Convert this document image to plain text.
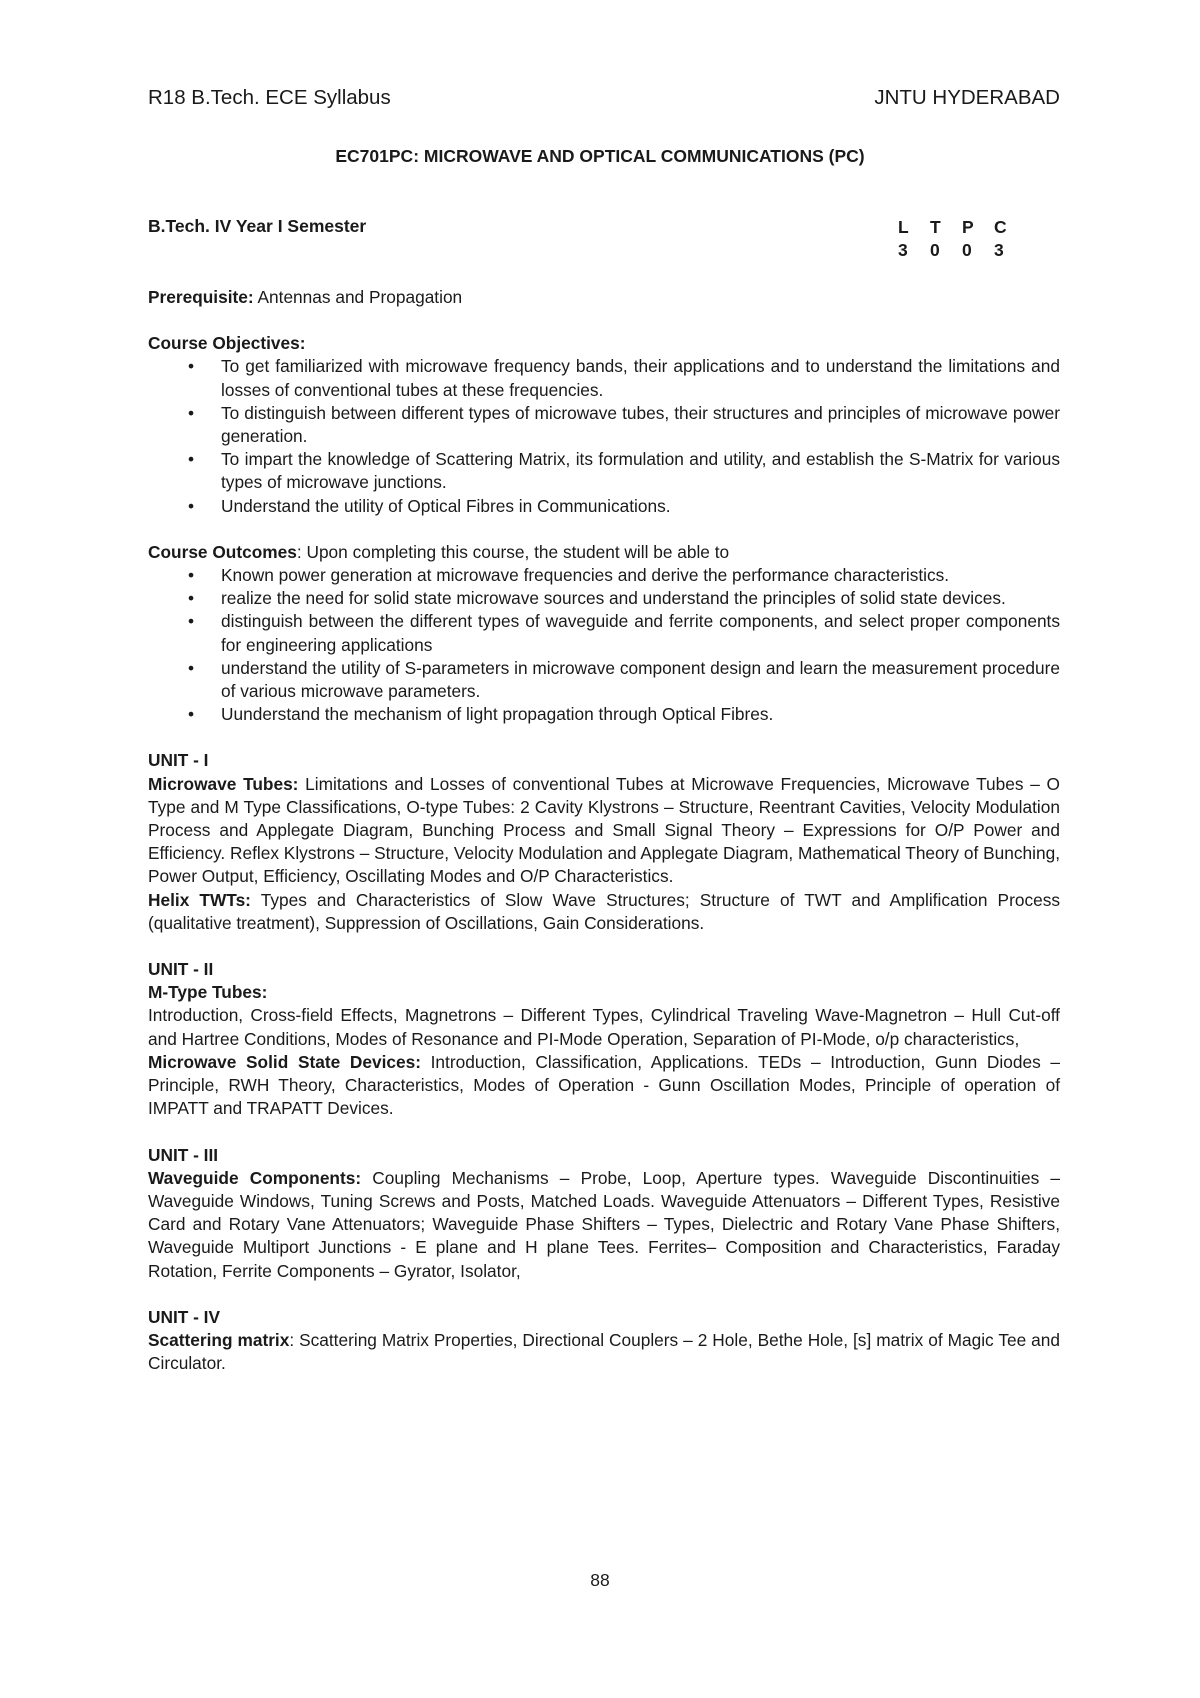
R18 B.Tech. ECE Syllabus	JNTU HYDERABAD
EC701PC: MICROWAVE AND OPTICAL COMMUNICATIONS (PC)
B.Tech. IV Year I Semester	L	T	P	C
3	0	0	3

Prerequisite: Antennas and Propagation

Course Objectives:

• To get familiarized with microwave frequency bands, their applications and to understand the limitations and losses of conventional tubes at these frequencies.
• To distinguish between different types of microwave tubes, their structures and principles of microwave power generation.
• To impart the knowledge of Scattering Matrix, its formulation and utility, and establish the S-Matrix for various types of microwave junctions.
• Understand the utility of Optical Fibres in Communications.

Course Outcomes: Upon completing this course, the student will be able to

• Known power generation at microwave frequencies and derive the performance characteristics.
• realize the need for solid state microwave sources and understand the principles of solid state devices.
• distinguish between the different types of waveguide and ferrite components, and select proper components for engineering applications
• understand the utility of S-parameters in microwave component design and learn the measurement procedure of various microwave parameters.
• Uunderstand the mechanism of light propagation through Optical Fibres.

UNIT - I

Microwave Tubes: Limitations and Losses of conventional Tubes at Microwave Frequencies, Microwave Tubes – O Type and M Type Classifications, O-type Tubes: 2 Cavity Klystrons – Structure, Reentrant Cavities, Velocity Modulation Process and Applegate Diagram, Bunching Process and Small Signal Theory – Expressions for O/P Power and Efficiency. Reflex Klystrons – Structure, Velocity Modulation and Applegate Diagram, Mathematical Theory of Bunching, Power Output, Efficiency, Oscillating Modes and O/P Characteristics.

Helix TWTs: Types and Characteristics of Slow Wave Structures; Structure of TWT and Amplification Process (qualitative treatment), Suppression of Oscillations, Gain Considerations.

UNIT - II

M-Type Tubes:

Introduction, Cross-field Effects, Magnetrons – Different Types, Cylindrical Traveling Wave-Magnetron – Hull Cut-off and Hartree Conditions, Modes of Resonance and PI-Mode Operation, Separation of PI-Mode, o/p characteristics,

Microwave Solid State Devices: Introduction, Classification, Applications. TEDs – Introduction, Gunn Diodes – Principle, RWH Theory, Characteristics, Modes of Operation - Gunn Oscillation Modes, Principle of operation of IMPATT and TRAPATT Devices.

UNIT - III

Waveguide Components: Coupling Mechanisms – Probe, Loop, Aperture types. Waveguide Discontinuities – Waveguide Windows, Tuning Screws and Posts, Matched Loads. Waveguide Attenuators – Different Types, Resistive Card and Rotary Vane Attenuators; Waveguide Phase Shifters – Types, Dielectric and Rotary Vane Phase Shifters, Waveguide Multiport Junctions - E plane and H plane Tees. Ferrites– Composition and Characteristics, Faraday Rotation, Ferrite Components – Gyrator, Isolator,

UNIT - IV

Scattering matrix: Scattering Matrix Properties, Directional Couplers – 2 Hole, Bethe Hole, [s] matrix of Magic Tee and Circulator.

88
